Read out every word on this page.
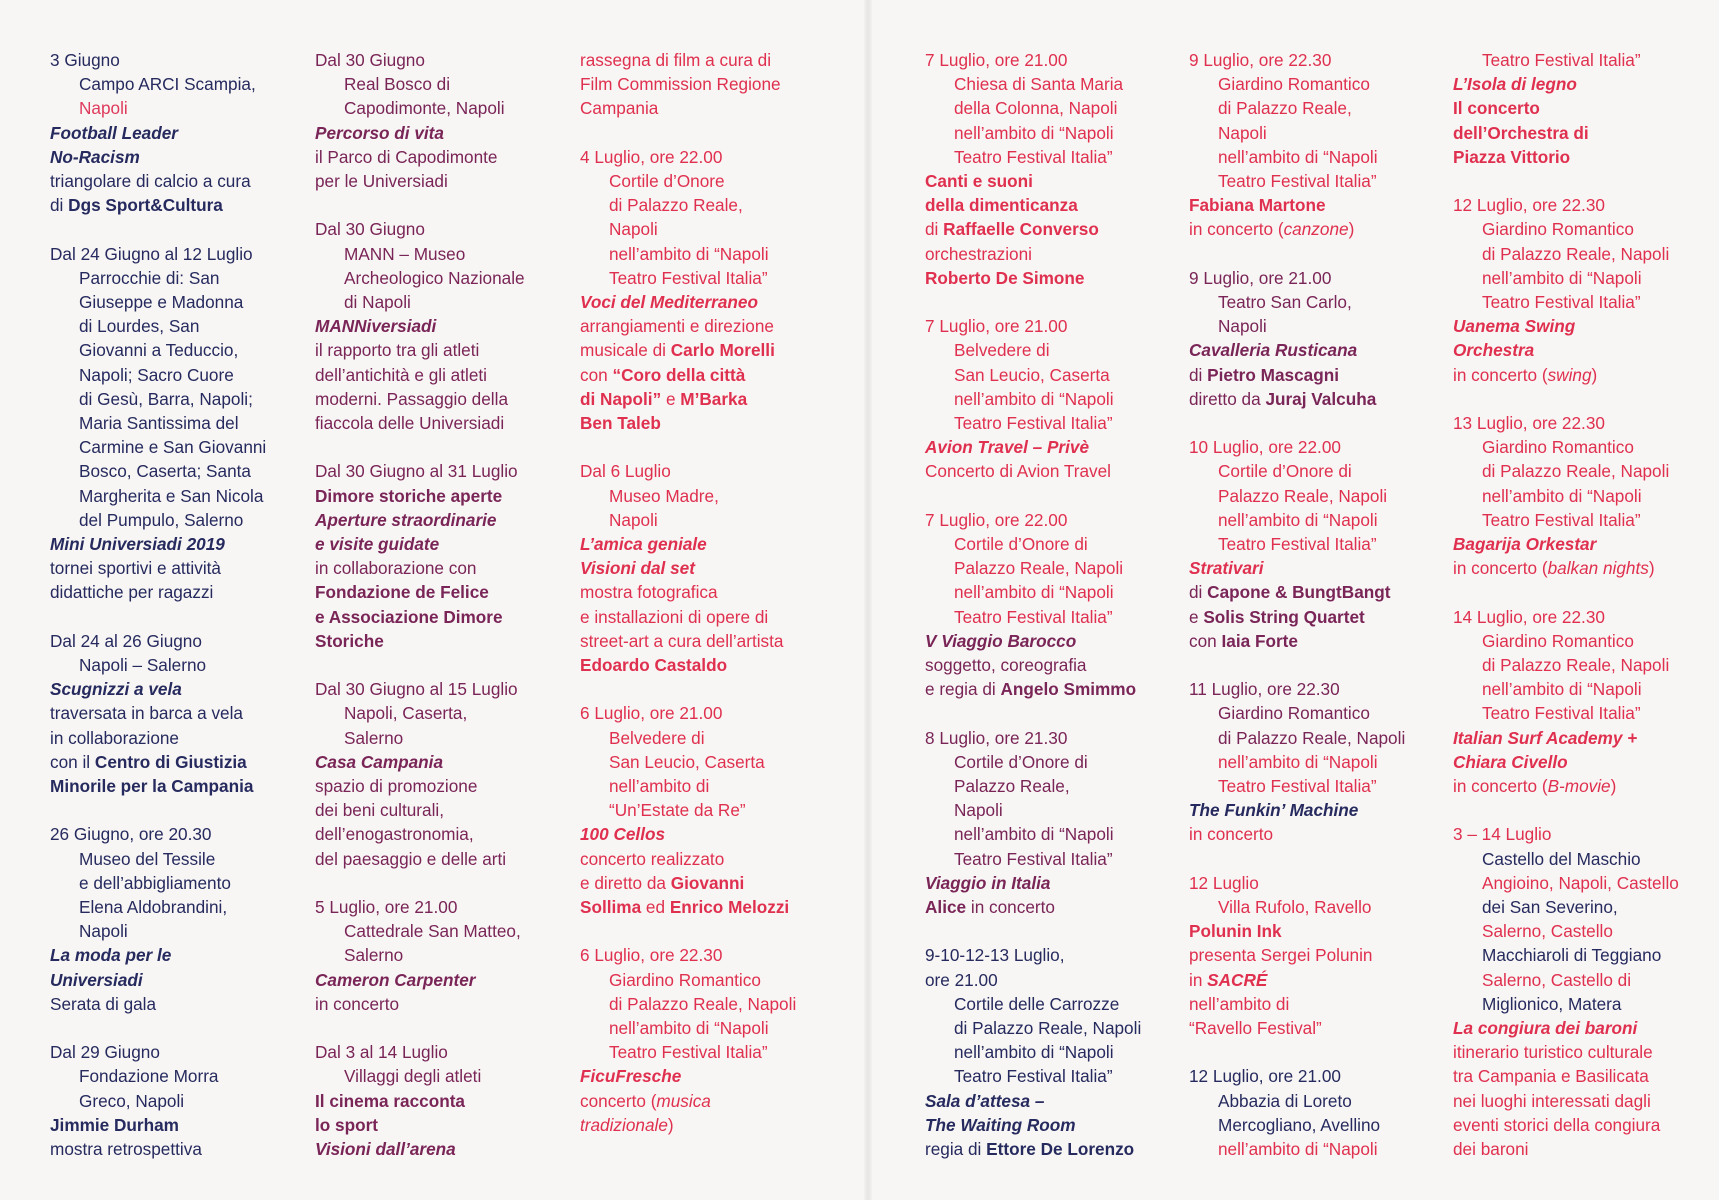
3 Giugno
Campo ARCI Scampia,
Napoli
Football Leader
No-Racism
triangolare di calcio a cura
di Dgs Sport&Cultura
Dal 24 Giugno al 12 Luglio
Parrocchie di: San
Giuseppe e Madonna
di Lourdes, San
Giovanni a Teduccio,
Napoli; Sacro Cuore
di Gesù, Barra, Napoli;
Maria Santissima del
Carmine e San Giovanni
Bosco, Caserta; Santa
Margherita e San Nicola
del Pumpulo, Salerno
Mini Universiadi 2019
tornei sportivi e attività
didattiche per ragazzi
Dal 24 al 26 Giugno
Napoli – Salerno
Scugnizzi a vela
traversata in barca a vela
in collaborazione
con il Centro di Giustizia
Minorile per la Campania
26 Giugno, ore 20.30
Museo del Tessile
e dell’abbigliamento
Elena Aldobrandini,
Napoli
La moda per le
Universiadi
Serata di gala
Dal 29 Giugno
Fondazione Morra
Greco, Napoli
Jimmie Durham
mostra retrospettiva
Dal 30 Giugno
Real Bosco di
Capodimonte, Napoli
Percorso di vita
il Parco di Capodimonte
per le Universiadi
Dal 30 Giugno
MANN – Museo
Archeologico Nazionale
di Napoli
MANNiversiadi
il rapporto tra gli atleti
dell’antichità e gli atleti
moderni. Passaggio della
fiaccola delle Universiadi
Dal 30 Giugno al 31 Luglio
Dimore storiche aperte
Aperture straordinarie
e visite guidate
in collaborazione con
Fondazione de Felice
e Associazione Dimore
Storiche
Dal 30 Giugno al 15 Luglio
Napoli, Caserta,
Salerno
Casa Campania
spazio di promozione
dei beni culturali,
dell’enogastronomia,
del paesaggio e delle arti
5 Luglio, ore 21.00
Cattedrale San Matteo,
Salerno
Cameron Carpenter
in concerto
Dal 3 al 14 Luglio
Villaggi degli atleti
Il cinema racconta
lo sport
Visioni dall’arena
rassegna di film a cura di
Film Commission Regione
Campania
4 Luglio, ore 22.00
Cortile d’Onore
di Palazzo Reale,
Napoli
nell’ambito di “Napoli
Teatro Festival Italia”
Voci del Mediterraneo
arrangiamenti e direzione
musicale di Carlo Morelli
con “Coro della città
di Napoli” e M’Barka
Ben Taleb
Dal 6 Luglio
Museo Madre,
Napoli
L’amica geniale
Visioni dal set
mostra fotografica
e installazioni di opere di
street-art a cura dell’artista
Edoardo Castaldo
6 Luglio, ore 21.00
Belvedere di
San Leucio, Caserta
nell’ambito di
“Un’Estate da Re”
100 Cellos
concerto realizzato
e diretto da Giovanni
Sollima ed Enrico Melozzi
6 Luglio, ore 22.30
Giardino Romantico
di Palazzo Reale, Napoli
nell’ambito di “Napoli
Teatro Festival Italia”
FicuFresche
concerto (musica
tradizionale)
7 Luglio, ore 21.00
Chiesa di Santa Maria
della Colonna, Napoli
nell’ambito di “Napoli
Teatro Festival Italia”
Canti e suoni
della dimenticanza
di Raffaelle Converso
orchestrazioni
Roberto De Simone
7 Luglio, ore 21.00
Belvedere di
San Leucio, Caserta
nell’ambito di “Napoli
Teatro Festival Italia”
Avion Travel – Privè
Concerto di Avion Travel
7 Luglio, ore 22.00
Cortile d’Onore di
Palazzo Reale, Napoli
nell’ambito di “Napoli
Teatro Festival Italia”
V Viaggio Barocco
soggetto, coreografia
e regia di Angelo Smimmo
8 Luglio, ore 21.30
Cortile d’Onore di
Palazzo Reale,
Napoli
nell’ambito di “Napoli
Teatro Festival Italia”
Viaggio in Italia
Alice in concerto
9-10-12-13 Luglio,
ore 21.00
Cortile delle Carrozze
di Palazzo Reale, Napoli
nell’ambito di “Napoli
Teatro Festival Italia”
Sala d’attesa –
The Waiting Room
regia di Ettore De Lorenzo
9 Luglio, ore 22.30
Giardino Romantico
di Palazzo Reale,
Napoli
nell’ambito di “Napoli
Teatro Festival Italia”
Fabiana Martone
in concerto (canzone)
9 Luglio, ore 21.00
Teatro San Carlo,
Napoli
Cavalleria Rusticana
di Pietro Mascagni
diretto da Juraj Valcuha
10 Luglio, ore 22.00
Cortile d’Onore di
Palazzo Reale, Napoli
nell’ambito di “Napoli
Teatro Festival Italia”
Strativari
di Capone & BungtBangt
e Solis String Quartet
con Iaia Forte
11 Luglio, ore 22.30
Giardino Romantico
di Palazzo Reale, Napoli
nell’ambito di “Napoli
Teatro Festival Italia”
The Funkin’ Machine
in concerto
12 Luglio
Villa Rufolo, Ravello
Polunin Ink
presenta Sergei Polunin
in SACRÉ
nell’ambito di
“Ravello Festival”
12 Luglio, ore 21.00
Abbazia di Loreto
Mercogliano, Avellino
nell’ambito di “Napoli
Teatro Festival Italia”
L’Isola di legno
Il concerto
dell’Orchestra di
Piazza Vittorio
12 Luglio, ore 22.30
Giardino Romantico
di Palazzo Reale, Napoli
nell’ambito di “Napoli
Teatro Festival Italia”
Uanema Swing
Orchestra
in concerto (swing)
13 Luglio, ore 22.30
Giardino Romantico
di Palazzo Reale, Napoli
nell’ambito di “Napoli
Teatro Festival Italia”
Bagarija Orkestar
in concerto (balkan nights)
14 Luglio, ore 22.30
Giardino Romantico
di Palazzo Reale, Napoli
nell’ambito di “Napoli
Teatro Festival Italia”
Italian Surf Academy +
Chiara Civello
in concerto (B-movie)
3 – 14 Luglio
Castello del Maschio
Angioino, Napoli, Castello
dei San Severino,
Salerno, Castello
Macchiaroli di Teggiano
Salerno, Castello di
Miglionico, Matera
La congiura dei baroni
itinerario turistico culturale
tra Campania e Basilicata
nei luoghi interessati dagli
eventi storici della congiura
dei baroni
